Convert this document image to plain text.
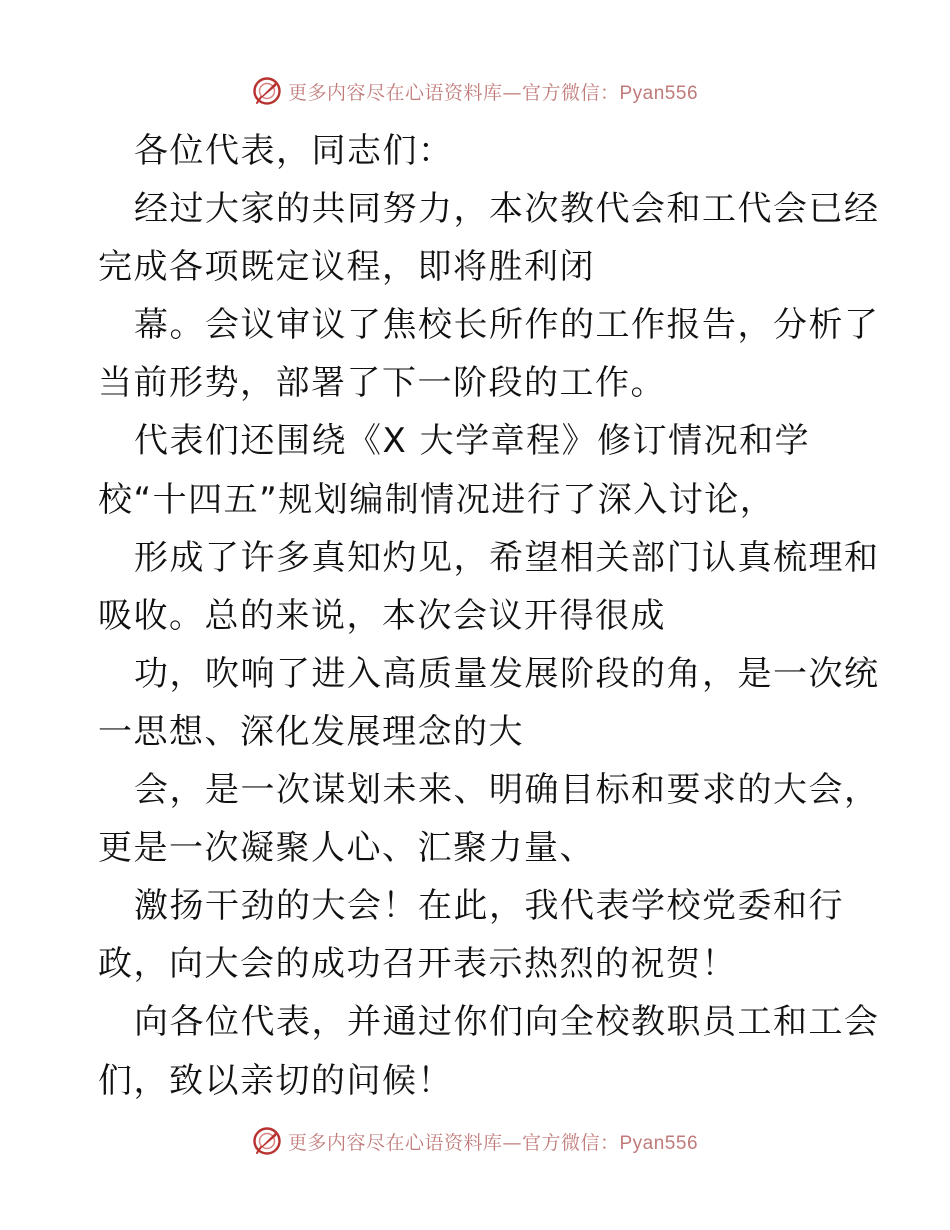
更多内容尽在心语资料库—官方微信：Pyan556
各位代表，同志们：
经过大家的共同努力，本次教代会和工代会已经
完成各项既定议程，即将胜利闭
幕。会议审议了焦校长所作的工作报告，分析了
当前形势，部署了下一阶段的工作。
代表们还围绕《X 大学章程》修订情况和学
校“十四五”规划编制情况进行了深入讨论，
形成了许多真知灼见，希望相关部门认真梳理和
吸收。总的来说，本次会议开得很成
功，吹响了进入高质量发展阶段的角，是一次统
一思想、深化发展理念的大
会，是一次谋划未来、明确目标和要求的大会，
更是一次凝聚人心、汇聚力量、
激扬干劲的大会！在此，我代表学校党委和行
政，向大会的成功召开表示热烈的祝贺！
向各位代表，并通过你们向全校教职员工和工会
们，致以亲切的问候！
更多内容尽在心语资料库—官方微信：Pyan556
